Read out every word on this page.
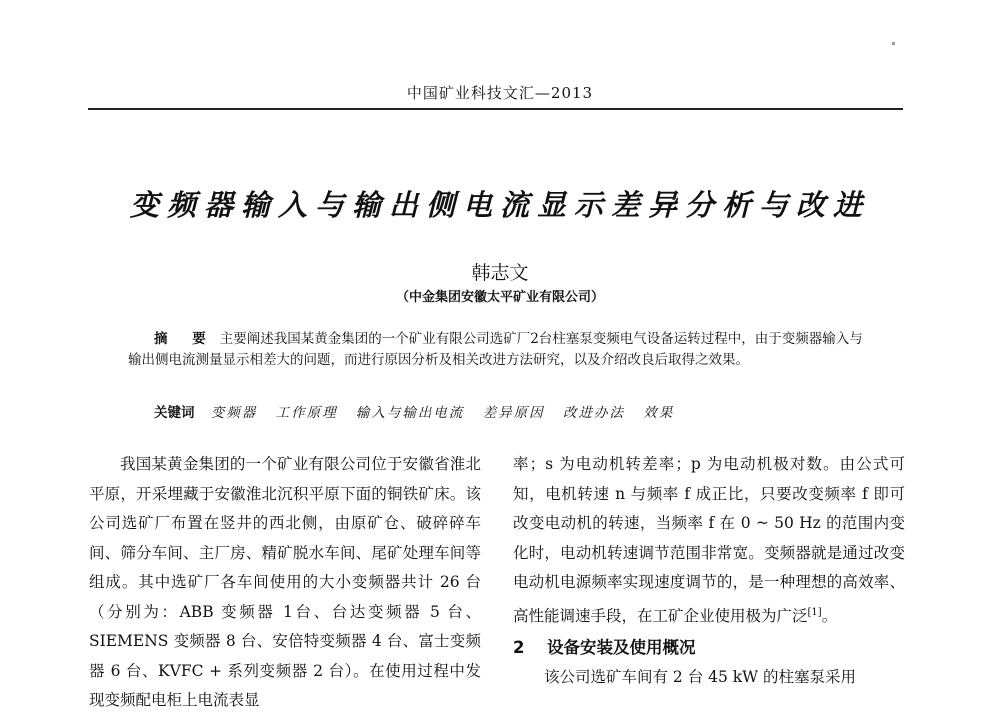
中国矿业科技文汇—2013
变频器输入与输出侧电流显示差异分析与改进
韩志文
（中金集团安徽太平矿业有限公司）
摘 要 主要阐述我国某黄金集团的一个矿业有限公司选矿厂2台柱塞泵变频电气设备运转过程中，由于变频器输入与输出侧电流测量显示相差大的问题，而进行原因分析及相关改进方法研究，以及介绍改良后取得之效果。
关键词 变频器 工作原理 输入与输出电流 差异原因 改进办法 效果

我国某黄金集团的一个矿业有限公司位于安徽省淮北平原，开采埋藏于安徽淮北沉积平原下面的铜铁矿床。该公司选矿厂布置在竖井的西北侧，由原矿仓、破碎碎车间、筛分车间、主厂房、精矿脱水车间、尾矿处理车间等组成。其中选矿厂各车间使用的大小变频器共计 26 台（分别为：ABB 变频器 1台、台达变频器 5 台、SIEMENS 变频器 8 台、安倍特变频器 4 台、富士变频器 6 台、KVFC + 系列变频器 2 台）。在使用过程中发现变频配电柜上电流表显

率；s 为电动机转差率；p 为电动机极对数。由公式可知，电机转速 n 与频率 f 成正比，只要改变频率 f 即可改变电动机的转速，当频率 f 在 0 ~ 50 Hz 的范围内变化时，电动机转速调节范围非常宽。变频器就是通过改变电动机电源频率实现速度调节的，是一种理想的高效率、高性能调速手段，在工矿企业使用极为广泛[1]。

2 设备安装及使用概况

该公司选矿车间有 2 台 45 kW 的柱塞泵采用
